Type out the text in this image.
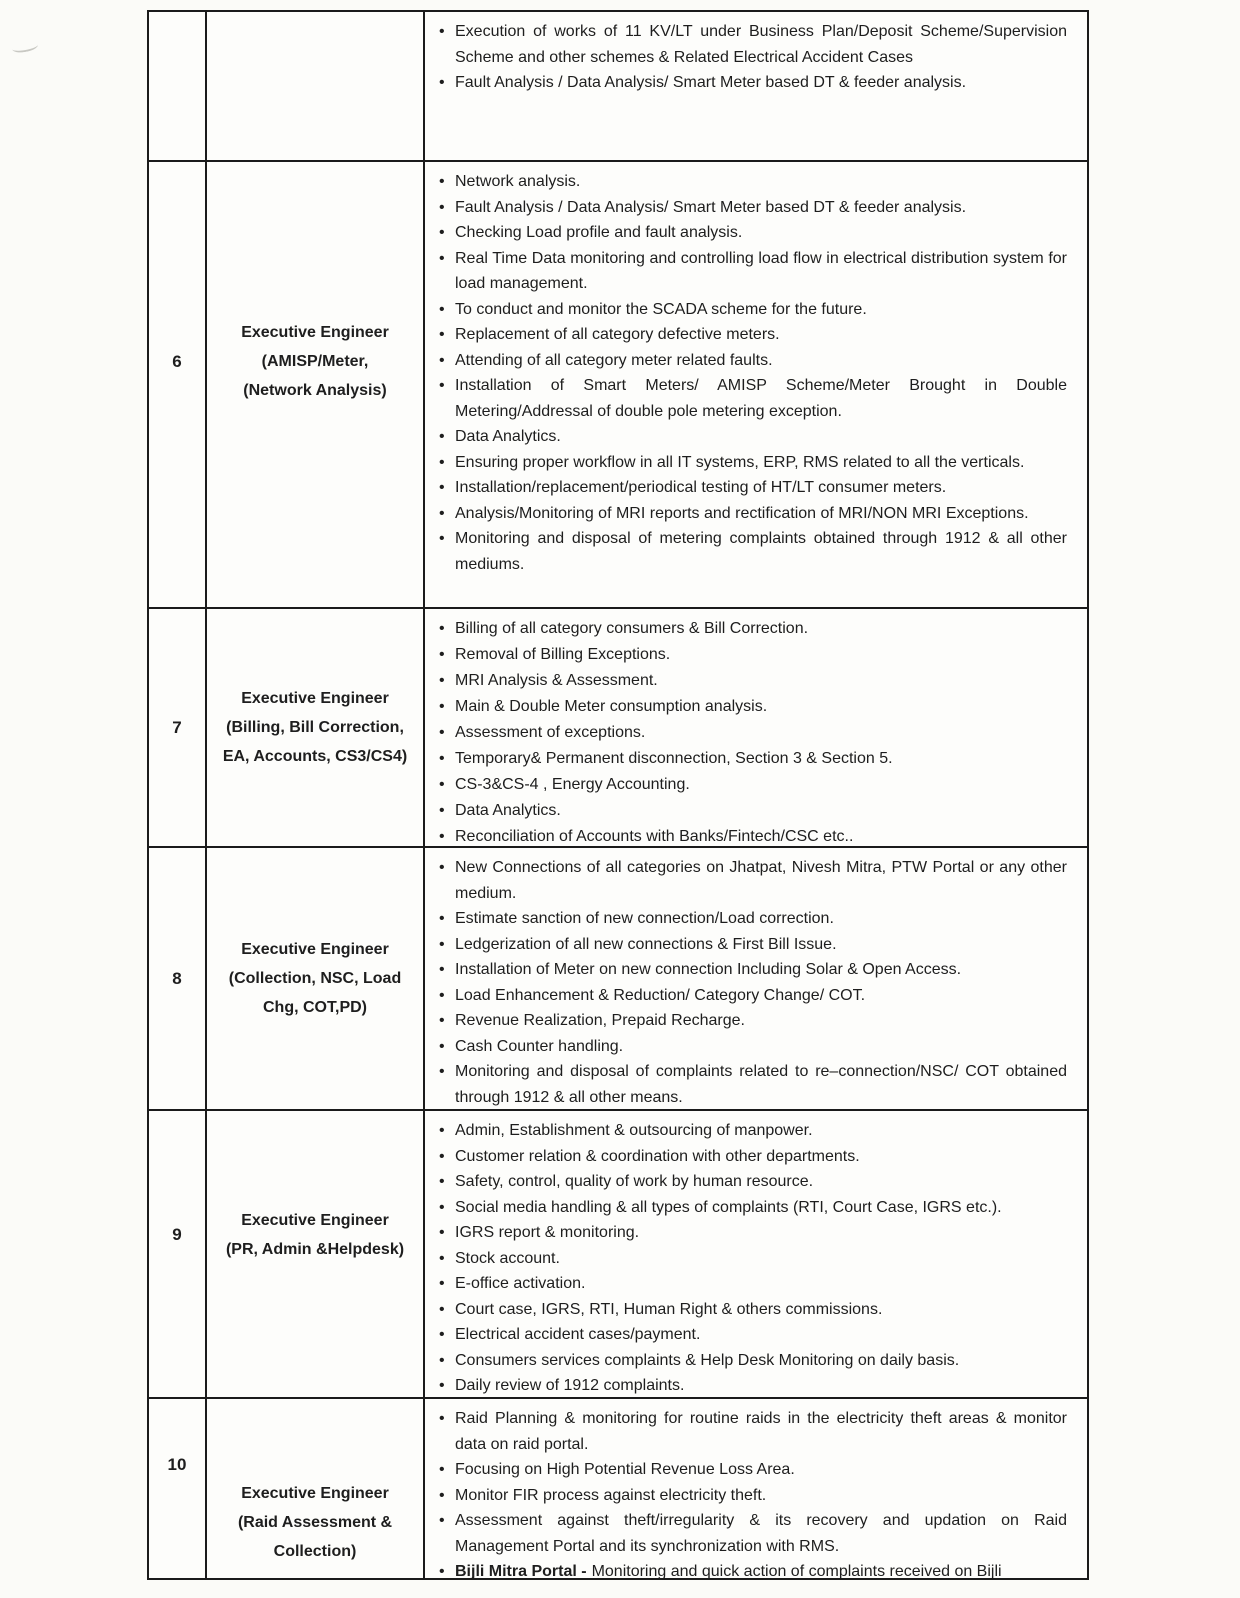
• Execution of works of 11 KV/LT under Business Plan/Deposit Scheme/Supervision Scheme and other schemes & Related Electrical Accident Cases
• Fault Analysis / Data Analysis/ Smart Meter based DT & feeder analysis.
6
Executive Engineer
(AMISP/Meter,
(Network Analysis)
• Network analysis.
• Fault Analysis / Data Analysis/ Smart Meter based DT & feeder analysis.
• Checking Load profile and fault analysis.
• Real Time Data monitoring and controlling load flow in electrical distribution system for load management.
• To conduct and monitor the SCADA scheme for the future.
• Replacement of all category defective meters.
• Attending of all category meter related faults.
• Installation of Smart Meters/ AMISP Scheme/Meter Brought in Double Metering/Addressal of double pole metering exception.
• Data Analytics.
• Ensuring proper workflow in all IT systems, ERP, RMS related to all the verticals.
• Installation/replacement/periodical testing of HT/LT consumer meters.
• Analysis/Monitoring of MRI reports and rectification of MRI/NON MRI Exceptions.
• Monitoring and disposal of metering complaints obtained through 1912 & all other mediums.
7
Executive Engineer
(Billing, Bill Correction,
EA, Accounts, CS3/CS4)
• Billing of all category consumers & Bill Correction.
• Removal of Billing Exceptions.
• MRI Analysis & Assessment.
• Main & Double Meter consumption analysis.
• Assessment of exceptions.
• Temporary& Permanent disconnection, Section 3 & Section 5.
• CS-3&CS-4 , Energy Accounting.
• Data Analytics.
• Reconciliation of Accounts with Banks/Fintech/CSC etc..
8
Executive Engineer
(Collection, NSC, Load
Chg, COT,PD)
• New Connections of all categories on Jhatpat, Nivesh Mitra, PTW Portal or any other medium.
• Estimate sanction of new connection/Load correction.
• Ledgerization of all new connections & First Bill Issue.
• Installation of Meter on new connection Including Solar & Open Access.
• Load Enhancement & Reduction/ Category Change/ COT.
• Revenue Realization, Prepaid Recharge.
• Cash Counter handling.
• Monitoring and disposal of complaints related to re–connection/NSC/ COT obtained through 1912 & all other means.
9
Executive Engineer
(PR, Admin &Helpdesk)
• Admin, Establishment & outsourcing of manpower.
• Customer relation & coordination with other departments.
• Safety, control, quality of work by human resource.
• Social media handling & all types of complaints (RTI, Court Case, IGRS etc.).
• IGRS report & monitoring.
• Stock account.
• E-office activation.
• Court case, IGRS, RTI, Human Right & others commissions.
• Electrical accident cases/payment.
• Consumers services complaints & Help Desk Monitoring on daily basis.
• Daily review of 1912 complaints.
10
Executive Engineer
(Raid Assessment &
Collection)
• Raid Planning & monitoring for routine raids in the electricity theft areas & monitor data on raid portal.
• Focusing on High Potential Revenue Loss Area.
• Monitor FIR process against electricity theft.
• Assessment against theft/irregularity & its recovery and updation on Raid Management Portal and its synchronization with RMS.
• Bijli Mitra Portal - Monitoring and quick action of complaints received on Bijli
